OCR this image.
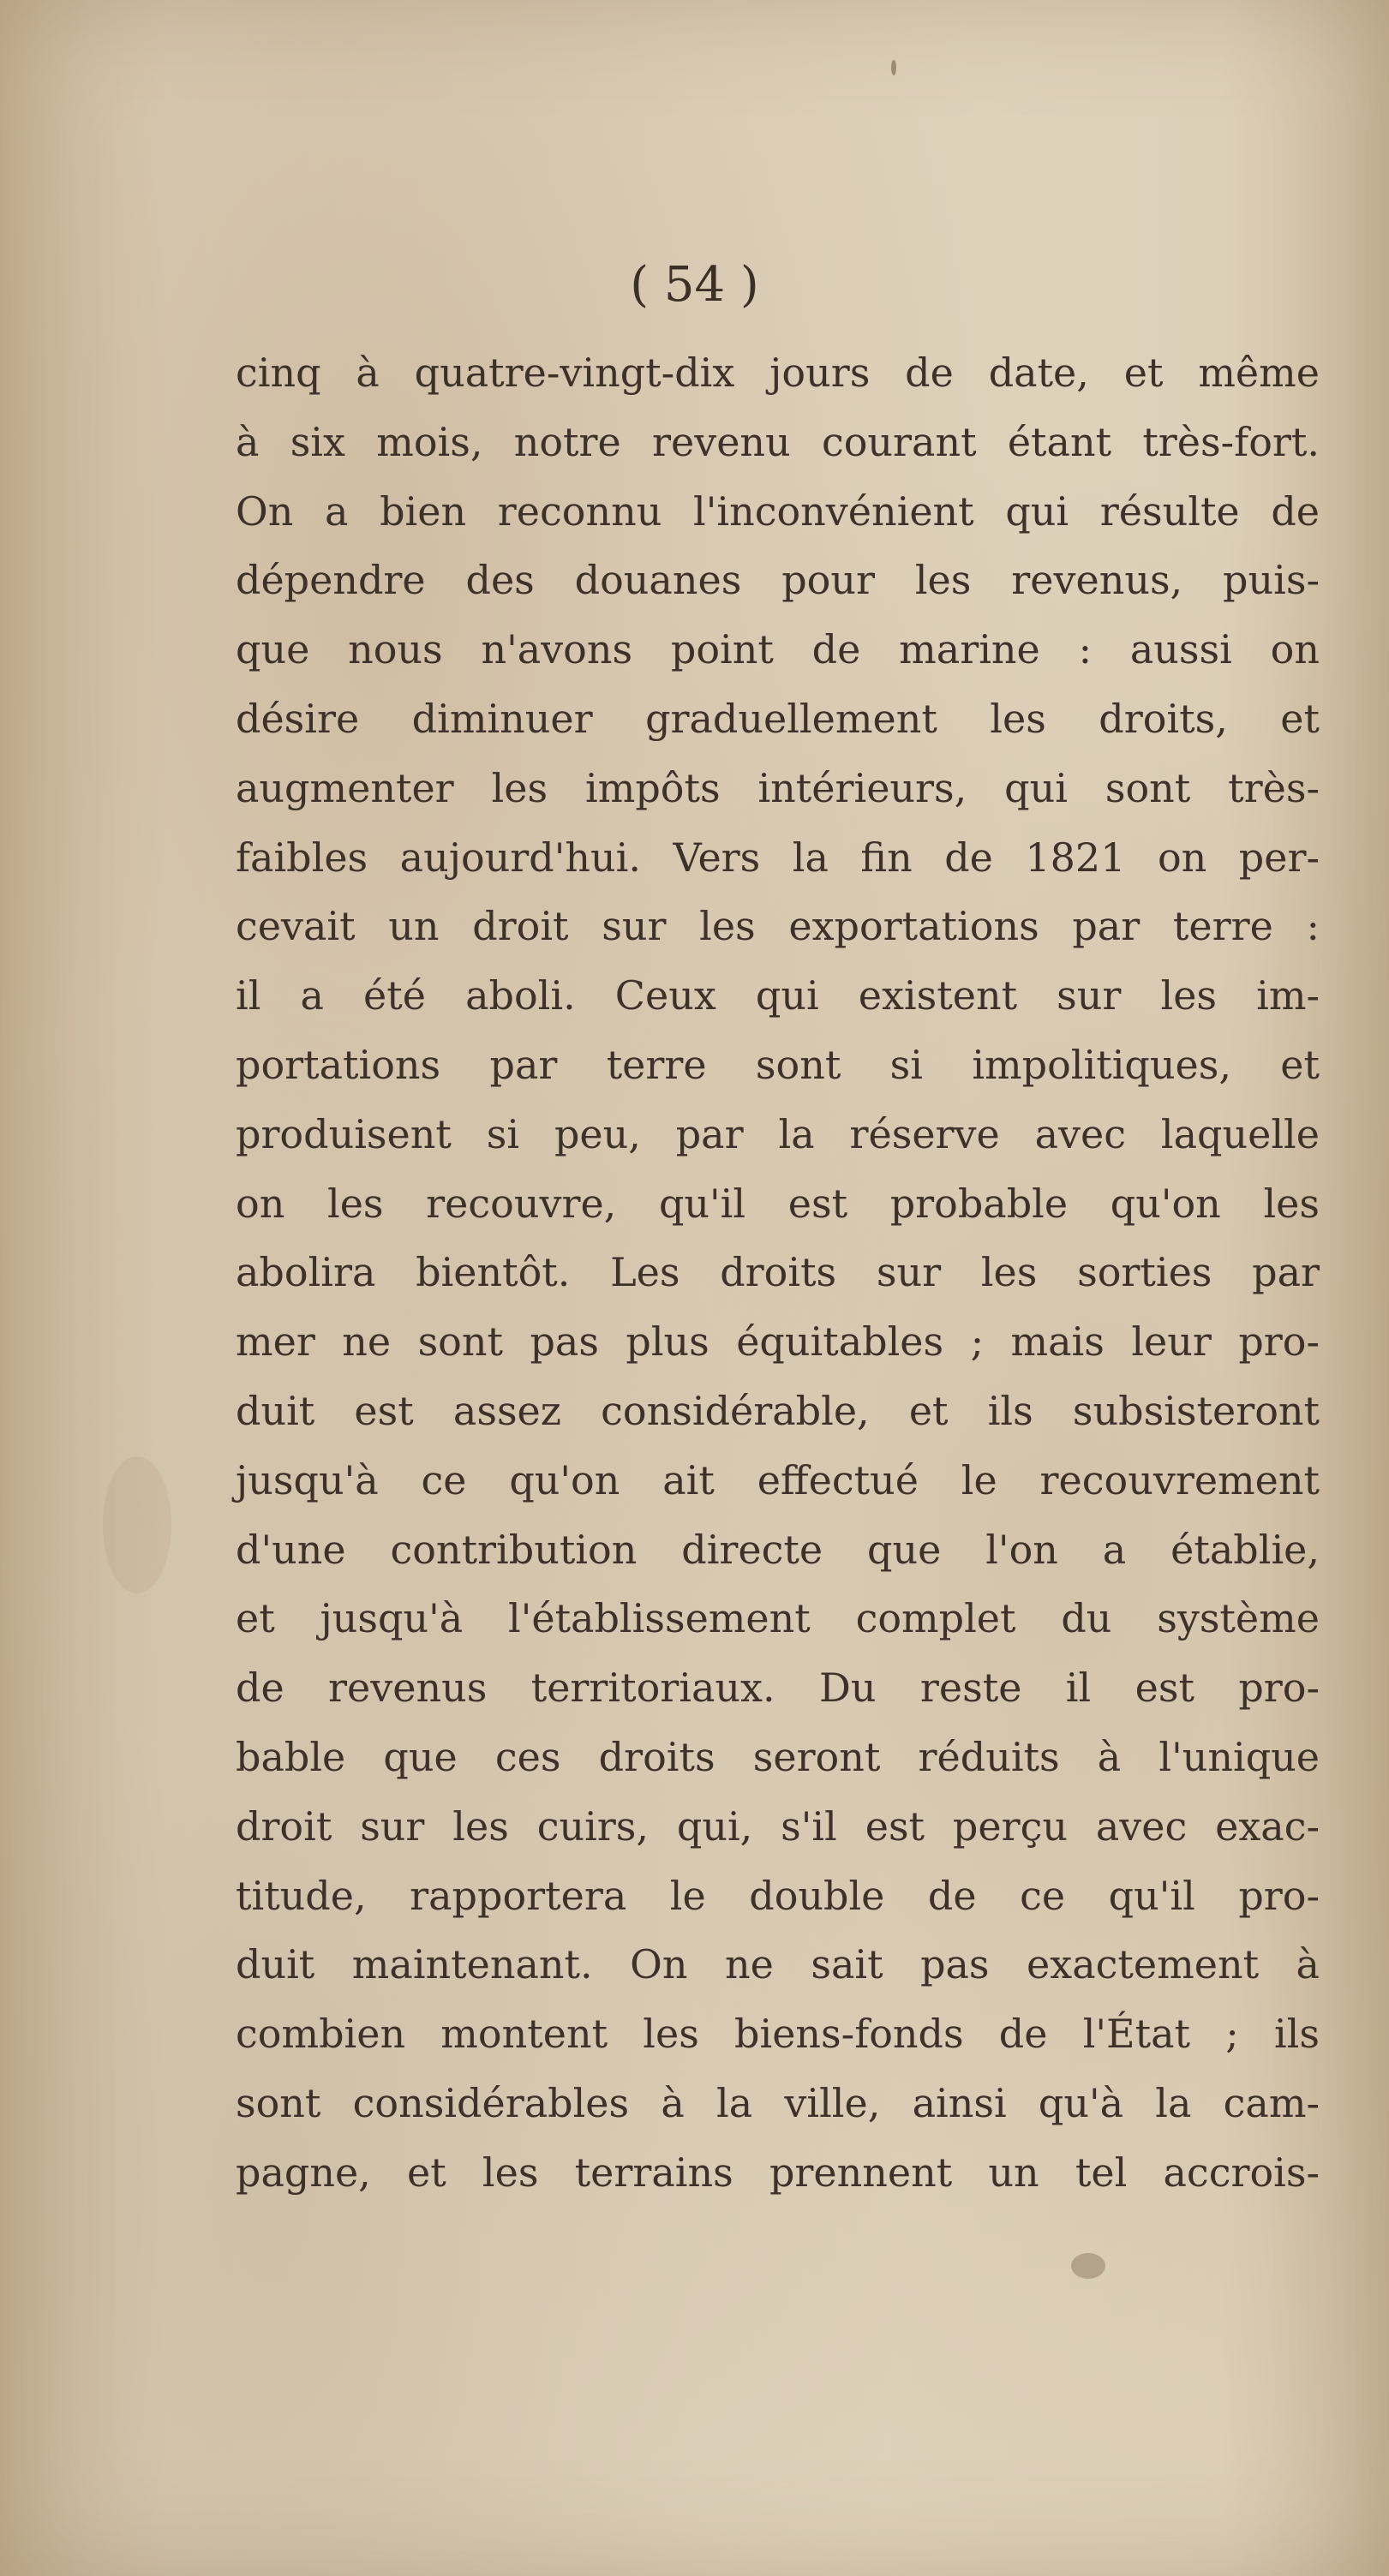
( 54 )
cinq à quatre-vingt-dix jours de date, et même
à six mois, notre revenu courant étant très-fort.
On a bien reconnu l'inconvénient qui résulte de
dépendre des douanes pour les revenus, puis-
que nous n'avons point de marine : aussi on
désire diminuer graduellement les droits, et
augmenter les impôts intérieurs, qui sont très-
faibles aujourd'hui. Vers la fin de 1821 on per-
cevait un droit sur les exportations par terre :
il a été aboli. Ceux qui existent sur les im-
portations par terre sont si impolitiques, et
produisent si peu, par la réserve avec laquelle
on les recouvre, qu'il est probable qu'on les
abolira bientôt. Les droits sur les sorties par
mer ne sont pas plus équitables ; mais leur pro-
duit est assez considérable, et ils subsisteront
jusqu'à ce qu'on ait effectué le recouvrement
d'une contribution directe que l'on a établie,
et jusqu'à l'établissement complet du système
de revenus territoriaux. Du reste il est pro-
bable que ces droits seront réduits à l'unique
droit sur les cuirs, qui, s'il est perçu avec exac-
titude, rapportera le double de ce qu'il pro-
duit maintenant. On ne sait pas exactement à
combien montent les biens-fonds de l'État ; ils
sont considérables à la ville, ainsi qu'à la cam-
pagne, et les terrains prennent un tel accrois-
